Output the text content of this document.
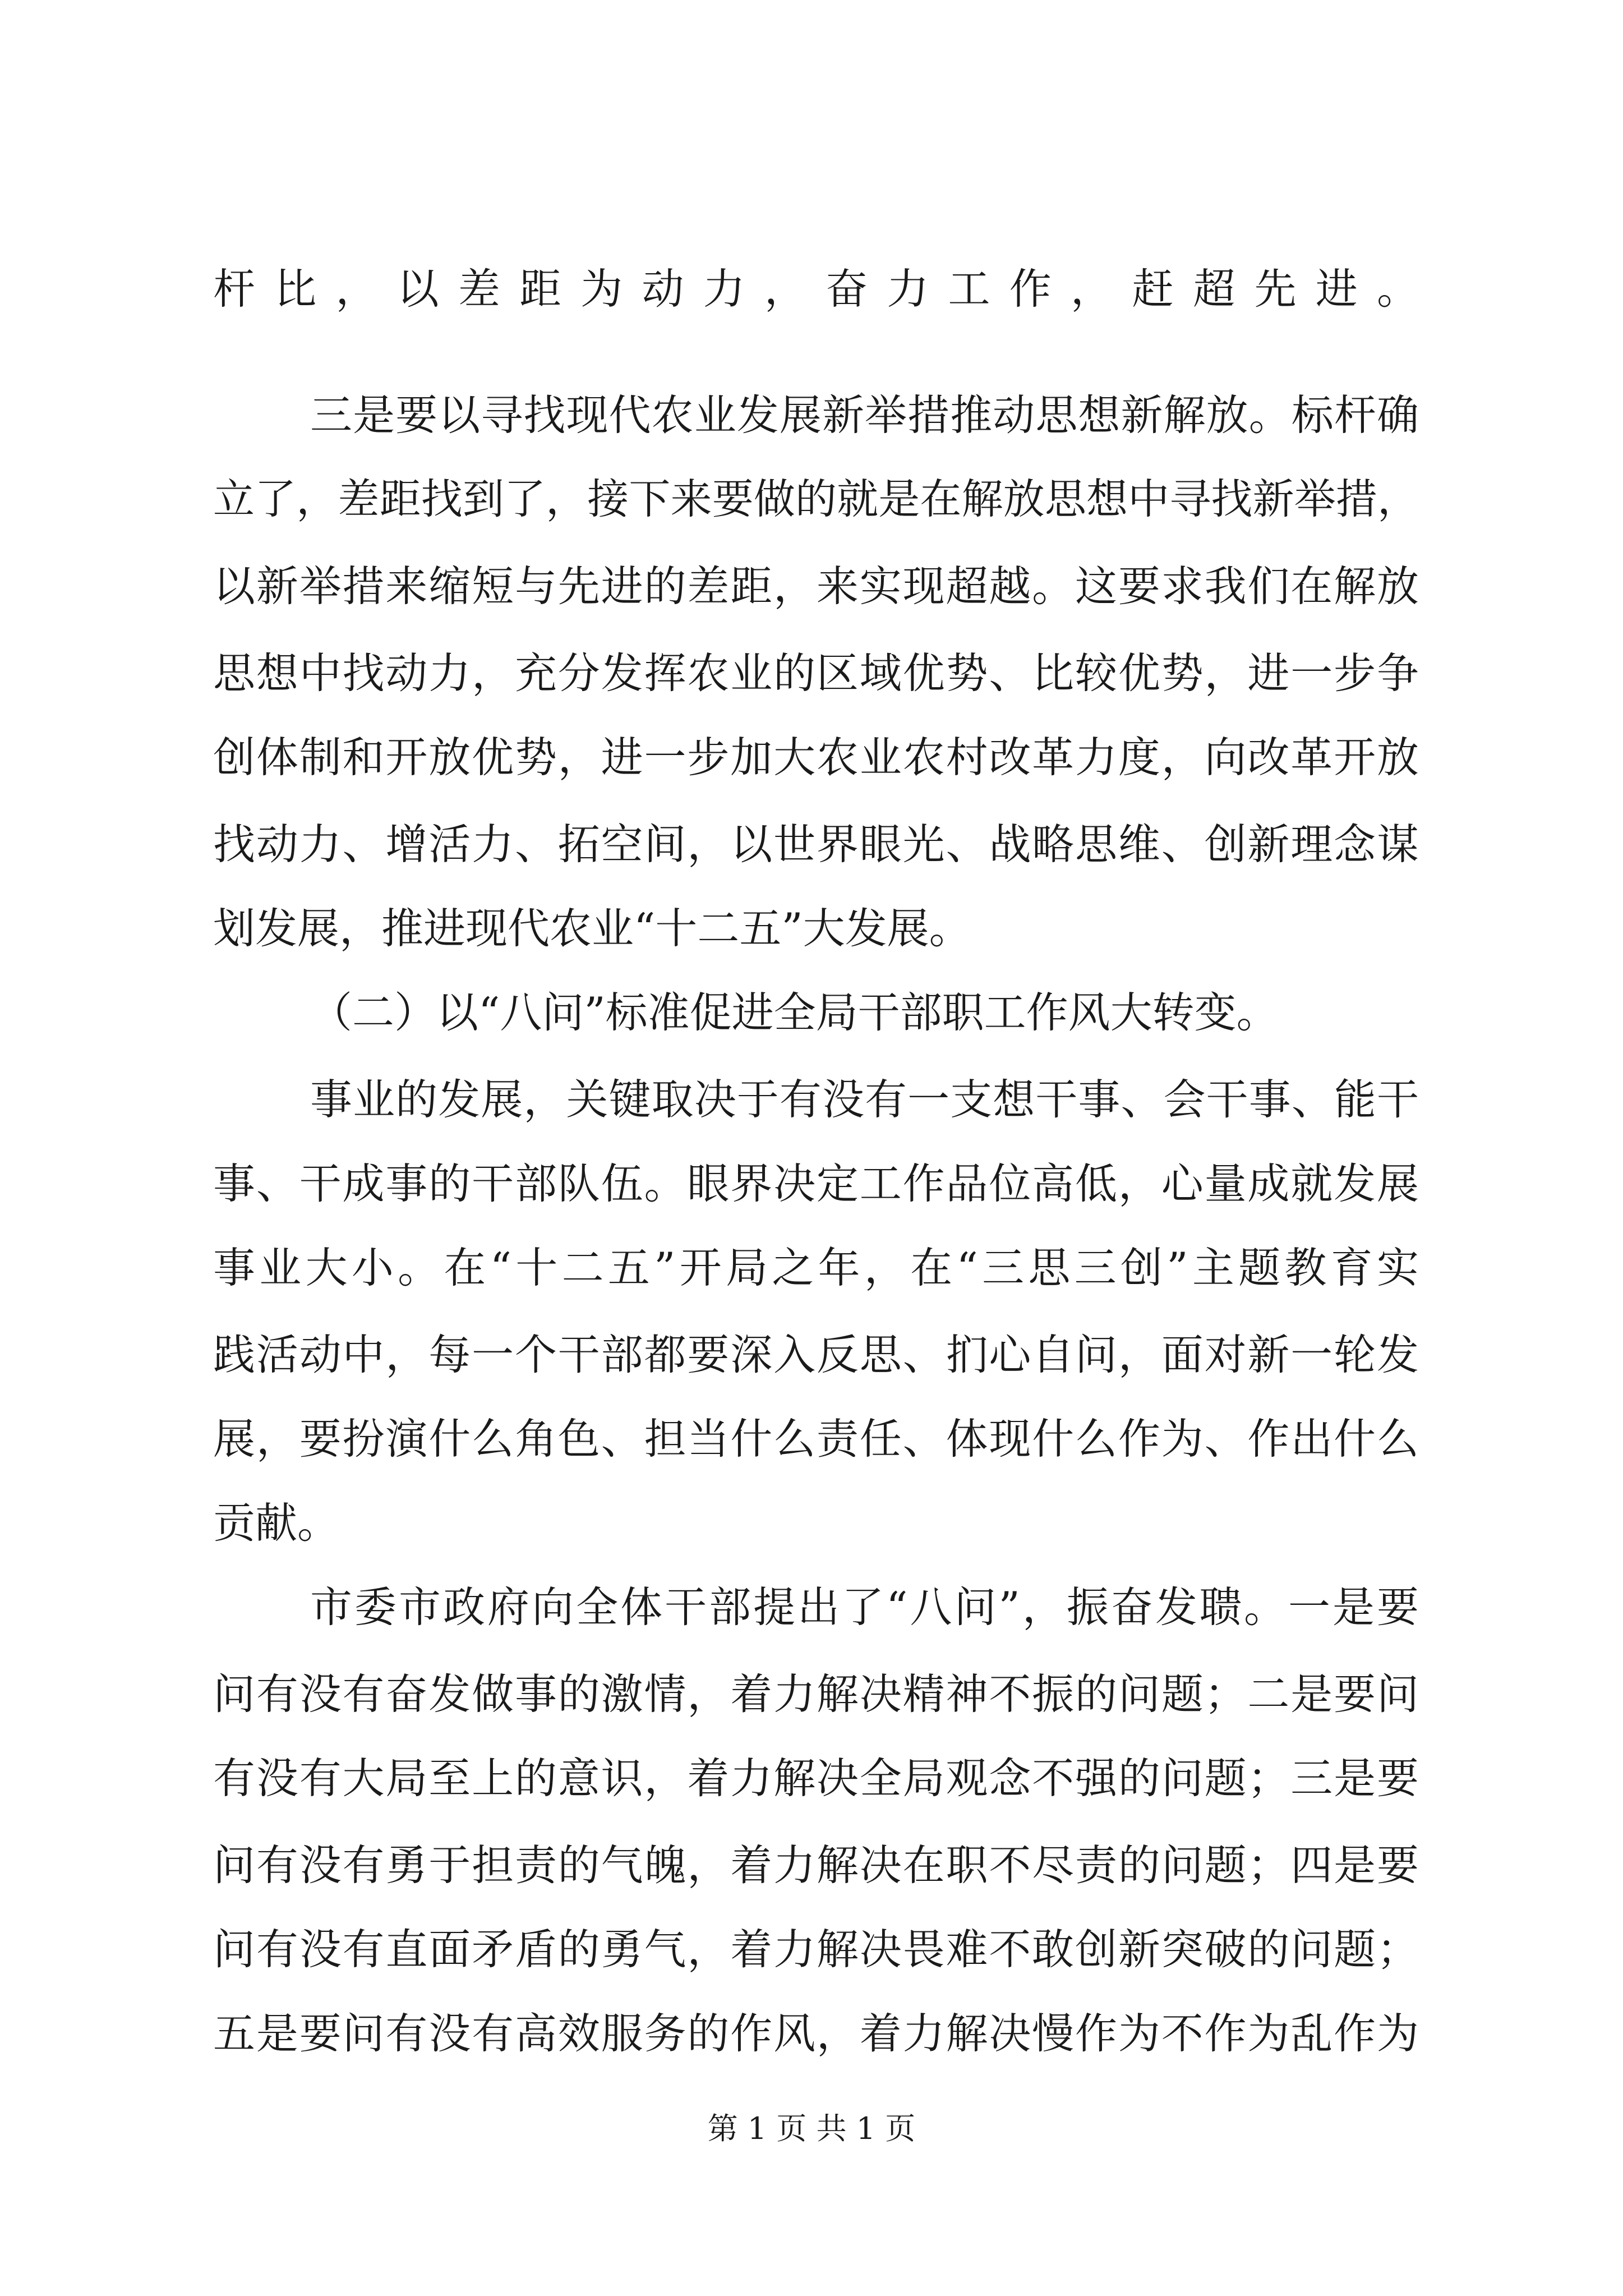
杆比，以差距为动力，奋力工作，赶超先进。
三是要以寻找现代农业发展新举措推动思想新解放。标杆确
立了，差距找到了，接下来要做的就是在解放思想中寻找新举措，
以新举措来缩短与先进的差距，来实现超越。这要求我们在解放
思想中找动力，充分发挥农业的区域优势、比较优势，进一步争
创体制和开放优势，进一步加大农业农村改革力度，向改革开放
找动力、增活力、拓空间，以世界眼光、战略思维、创新理念谋
划发展，推进现代农业“十二五”大发展。
（二）以“八问”标准促进全局干部职工作风大转变。
事业的发展，关键取决于有没有一支想干事、会干事、能干
事、干成事的干部队伍。眼界决定工作品位高低，心量成就发展
事业大小。在“十二五”开局之年，在“三思三创”主题教育实
践活动中，每一个干部都要深入反思、扪心自问，面对新一轮发
展，要扮演什么角色、担当什么责任、体现什么作为、作出什么
贡献。
市委市政府向全体干部提出了“八问”，振奋发聩。一是要
问有没有奋发做事的激情，着力解决精神不振的问题；二是要问
有没有大局至上的意识，着力解决全局观念不强的问题；三是要
问有没有勇于担责的气魄，着力解决在职不尽责的问题；四是要
问有没有直面矛盾的勇气，着力解决畏难不敢创新突破的问题；
五是要问有没有高效服务的作风，着力解决慢作为不作为乱作为
第 1 页 共 1 页
